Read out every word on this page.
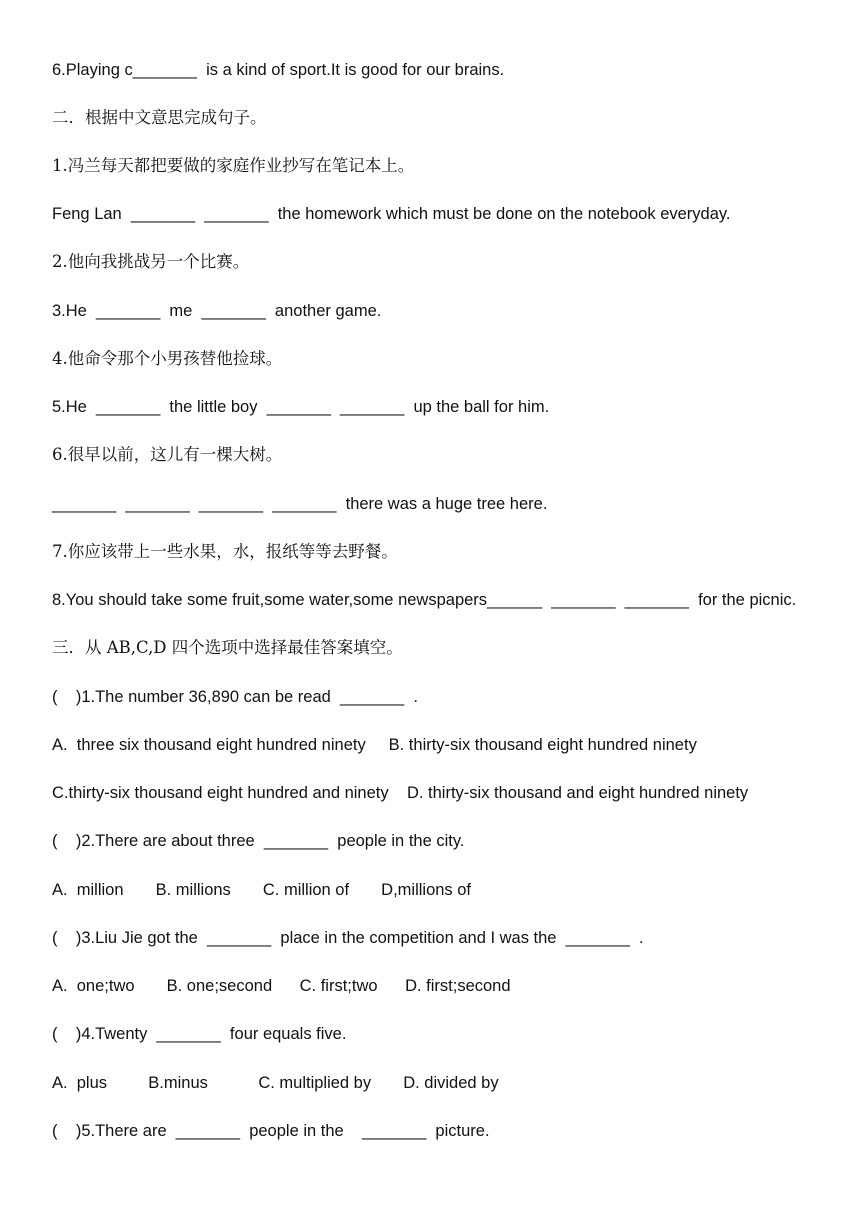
6.Playing c_______  is a kind of sport.It is good for our brains.
二．根据中文意思完成句子。
1.冯兰每天都把要做的家庭作业抄写在笔记本上。
Feng Lan  _______  _______  the homework which must be done on the notebook everyday.
2.他向我挑战另一个比赛。
3.He  _______  me  _______  another game.
4.他命令那个小男孩替他捡球。
5.He  _______  the little boy  _______  _______  up the ball for him.
6.很早以前，这儿有一棵大树。
_______  _______  _______  _______  there was a huge tree here.
7.你应该带上一些水果，水，报纸等等去野餐。
8.You should take some fruit,some water,some newspapers______  _______  _______  for the picnic.
三．从 AB,C,D 四个选项中选择最佳答案填空。
(    )1.The number 36,890 can be read  _______  .
A.  three six thousand eight hundred ninety     B. thirty-six thousand eight hundred ninety
C.thirty-six thousand eight hundred and ninety    D. thirty-six thousand and eight hundred ninety
(    )2.There are about three  _______  people in the city.
A.  million       B. millions       C. million of       D,millions of
(    )3.Liu Jie got the  _______  place in the competition and I was the  _______  .
A.  one;two       B. one;second      C. first;two      D. first;second
(    )4.Twenty  _______  four equals five.
A.  plus         B.minus           C. multiplied by       D. divided by
(    )5.There are  _______  people in the    _______  picture.
